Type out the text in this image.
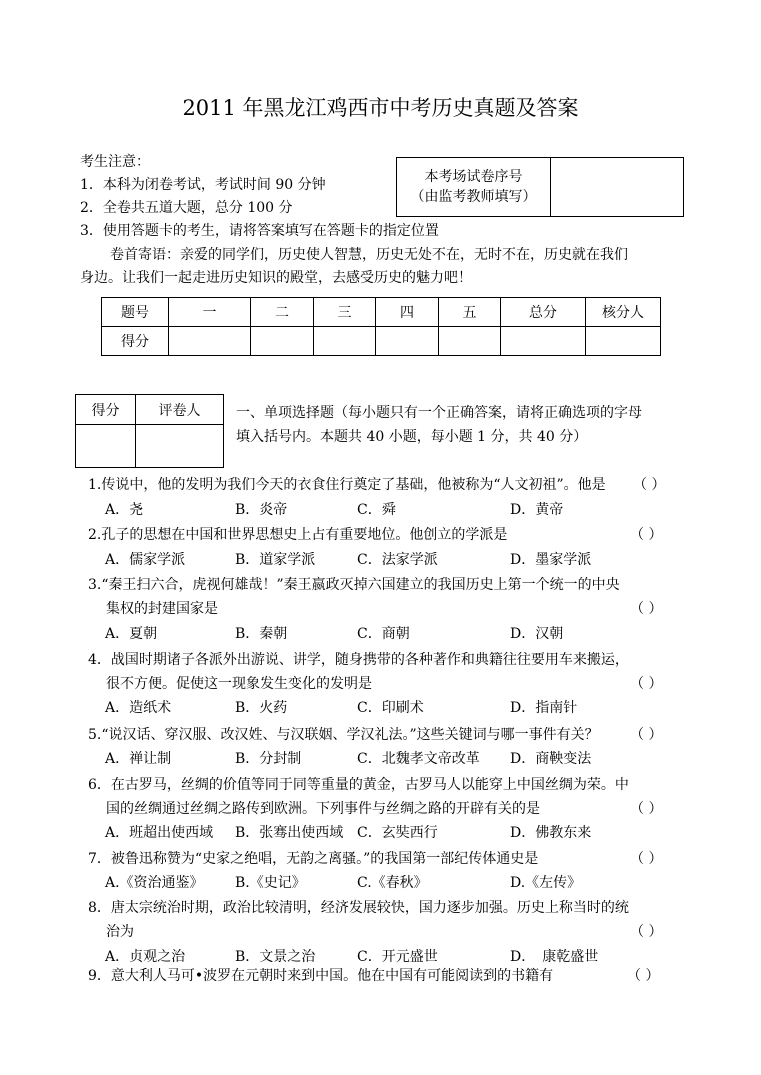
2011 年黑龙江鸡西市中考历史真题及答案
考生注意：
1．本科为闭卷考试，考试时间 90 分钟
2．全卷共五道大题，总分 100 分
3．使用答题卡的考生，请将答案填写在答题卡的指定位置
本考场试卷序号
（由监考教师填写）

卷首寄语：亲爱的同学们，历史使人智慧，历史无处不在，无时不在，历史就在我们
身边。让我们一起走进历史知识的殿堂，去感受历史的魅力吧！
题号	一	二	三	四	五	总分	核分人
得分							
得分	评卷人
		一、单项选择题（每小题只有一个正确答案，请将正确选项的字母
填入括号内。本题共 40 小题，每小题 1 分，共 40 分）
1.传说中，他的发明为我们今天的衣食住行奠定了基础，他被称为“人文初祖”。他是 （ ）
A．尧	B．炎帝	C．舜	D．黄帝
2.孔子的思想在中国和世界思想史上占有重要地位。他创立的学派是	（ ）
A．儒家学派	B．道家学派	C．法家学派	D．墨家学派
3.“秦王扫六合，虎视何雄哉！”秦王嬴政灭掉六国建立的我国历史上第一个统一的中央
集权的封建国家是	（ ）
A．夏朝	B．秦朝	C．商朝	D．汉朝
4．战国时期诸子各派外出游说、讲学，随身携带的各种著作和典籍往往要用车来搬运，
很不方便。促使这一现象发生变化的发明是	（ ）
A．造纸术	B．火药	C．印刷术	D．指南针
5.“说汉话、穿汉服、改汉姓、与汉联姻、学汉礼法。”这些关键词与哪一事件有关？ （ ）
A．禅让制	B．分封制	C．北魏孝文帝改革 D．商鞅变法
6．在古罗马，丝绸的价值等同于同等重量的黄金，古罗马人以能穿上中国丝绸为荣。中
国的丝绸通过丝绸之路传到欧洲。下列事件与丝绸之路的开辟有关的是	（ ）
A．班超出使西域 B．张骞出使西域 C．玄奘西行	D．佛教东来
7．被鲁迅称赞为“史家之绝唱，无韵之离骚。”的我国第一部纪传体通史是	（ ）
A.《资治通鉴》 B.《史记》	C.《春秋》	D.《左传》
8．唐太宗统治时期，政治比较清明，经济发展较快，国力逐步加强。历史上称当时的统
治为	（ ）
A．贞观之治	B．文景之治	C．开元盛世	D．　康乾盛世
9．意大利人马可•波罗在元朝时来到中国。他在中国有可能阅读到的书籍有	（ ）
